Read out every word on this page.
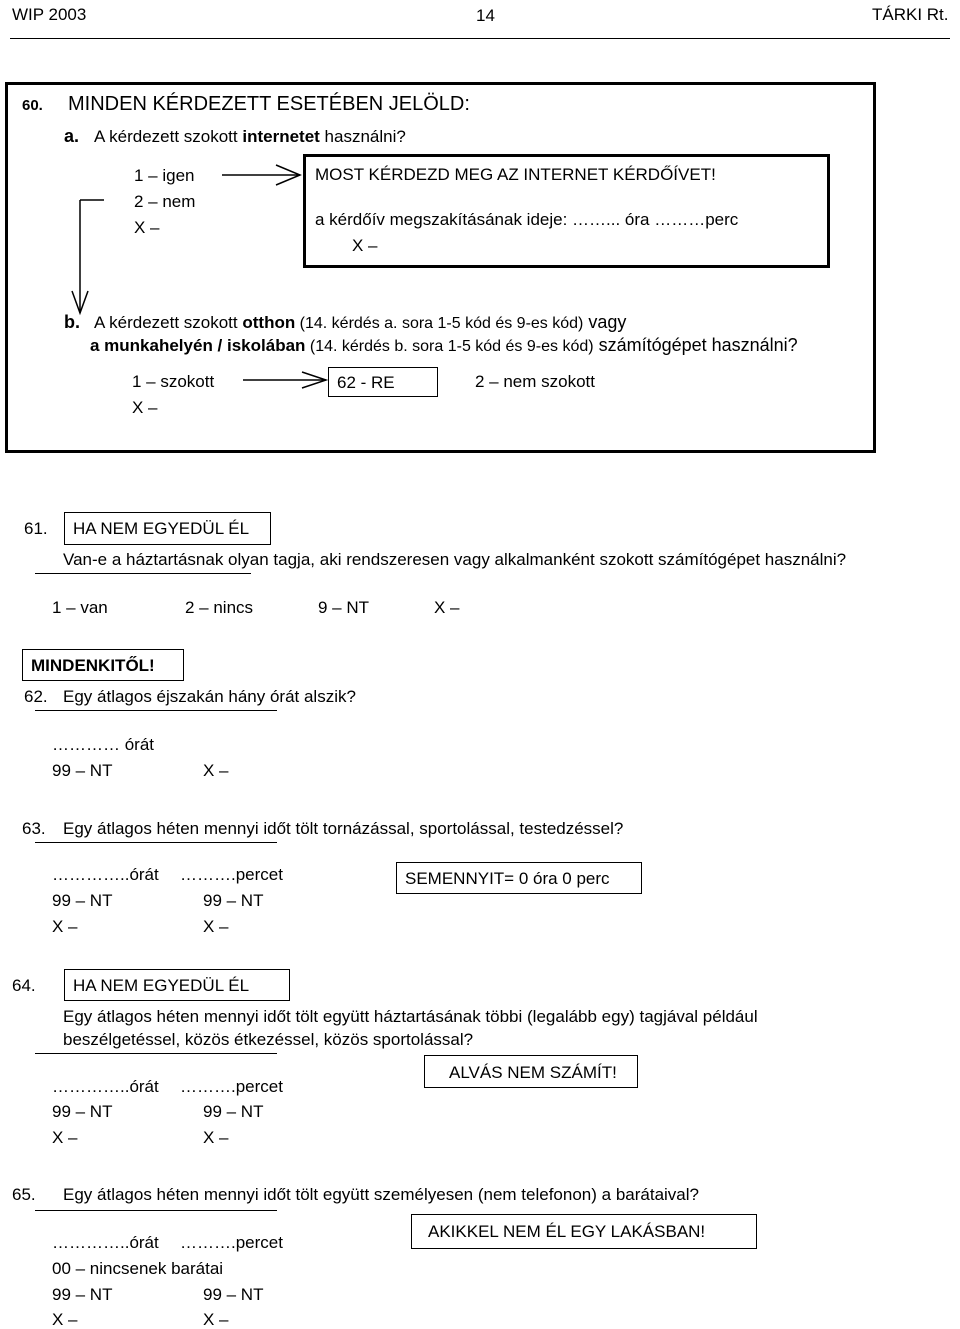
WIP 2003	14	TÁRKI Rt.
60. MINDEN KÉRDEZETT ESETÉBEN JELÖLD:
a. A kérdezett szokott internetet használni?
1 – igen
2 – nem
X –
MOST KÉRDEZD MEG AZ INTERNET KÉRDŐÍVET!
a kérdőív megszakításának ideje: ……... óra ………perc
X –
b. A kérdezett szokott otthon (14. kérdés a. sora 1-5 kód és 9-es kód) vagy
a munkahelyén / iskolában (14. kérdés b. sora 1-5 kód és 9-es kód) számítógépet használni?
1 – szokott	62 - RE	2 – nem szokott
X –
61.	HA NEM EGYEDÜL ÉL
Van-e a háztartásnak olyan tagja, aki rendszeresen vagy alkalmanként szokott számítógépet használni?
1 – van	2 – nincs	9 – NT	X –
MINDENKITŐL!
62. Egy átlagos éjszakán hány órát alszik?
………… órát
99 – NT	X –
63. Egy átlagos héten mennyi időt tölt tornázással, sportolással, testedzéssel?
…………..órát ……….percet	SEMENNYIT= 0 óra 0 perc
99 – NT	99 – NT
X –	X –
64.	HA NEM EGYEDÜL ÉL
Egy átlagos héten mennyi időt tölt együtt háztartásának többi (legalább egy) tagjával például
beszélgetéssel, közös étkezéssel, közös sportolással?
ALVÁS NEM SZÁMÍT!
…………..órát ……….percet
99 – NT	99 – NT
X –	X –
65. Egy átlagos héten mennyi időt tölt együtt személyesen (nem telefonon) a barátaival?
AKIKKEL NEM ÉL EGY LAKÁSBAN!
…………..órát ……….percet
00 – nincsenek barátai
99 – NT	99 – NT
X –	X –
